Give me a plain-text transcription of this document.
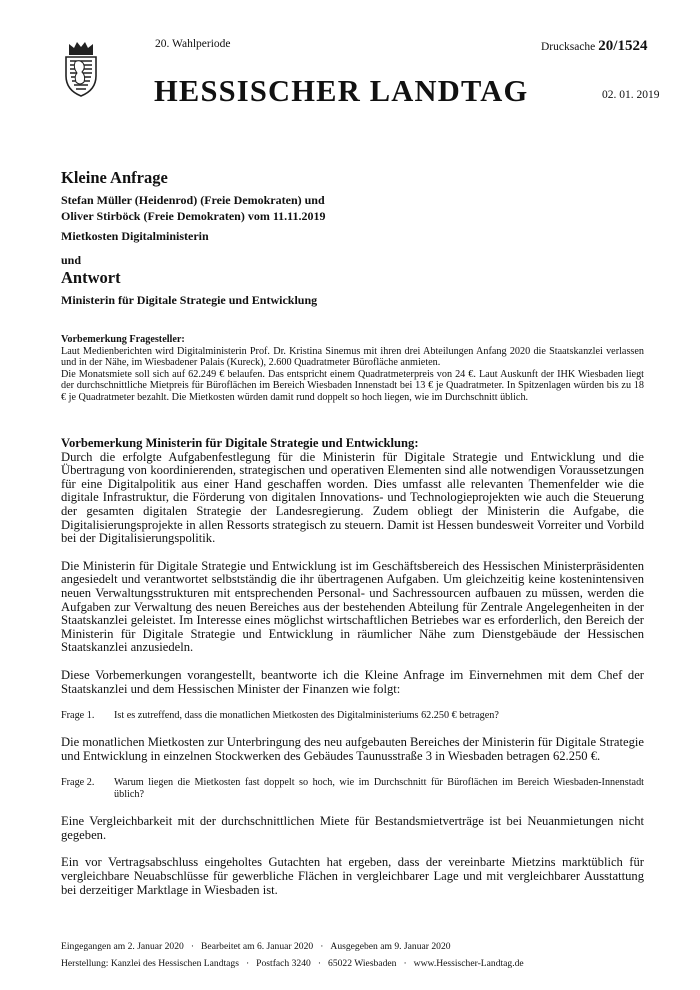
20. Wahlperiode	Drucksache 20/1524
HESSISCHER LANDTAG	02. 01. 2019
Kleine Anfrage
Stefan Müller (Heidenrod) (Freie Demokraten) und
Oliver Stirböck (Freie Demokraten) vom 11.11.2019
Mietkosten Digitalministerin
und
Antwort
Ministerin für Digitale Strategie und Entwicklung
Vorbemerkung Fragesteller:
Laut Medienberichten wird Digitalministerin Prof. Dr. Kristina Sinemus mit ihren drei Abteilungen Anfang 2020 die Staatskanzlei verlassen und in der Nähe, im Wiesbadener Palais (Kureck), 2.600 Quadratmeter Bürofläche anmieten.
Die Monatsmiete soll sich auf 62.249 € belaufen. Das entspricht einem Quadratmeterpreis von 24 €. Laut Auskunft der IHK Wiesbaden liegt der durchschnittliche Mietpreis für Büroflächen im Bereich Wiesbaden Innenstadt bei 13 € je Quadratmeter. In Spitzenlagen würden bis zu 18 € je Quadratmeter bezahlt. Die Mietkosten würden damit rund doppelt so hoch liegen, wie im Durchschnitt üblich.

Vorbemerkung Ministerin für Digitale Strategie und Entwicklung:

Durch die erfolgte Aufgabenfestlegung für die Ministerin für Digitale Strategie und Entwicklung und die Übertragung von koordinierenden, strategischen und operativen Elementen sind alle notwendigen Voraussetzungen für eine Digitalpolitik aus einer Hand geschaffen worden. Dies umfasst alle relevanten Themenfelder wie die digitale Infrastruktur, die Förderung von digitalen Innovations- und Technologieprojekten wie auch die Steuerung der gesamten digitalen Strategie der Landesregierung. Zudem obliegt der Ministerin die Aufgabe, die Digitalisierungsprojekte in allen Ressorts strategisch zu steuern. Damit ist Hessen bundesweit Vorreiter und Vorbild bei der Digitalisierungspolitik.

Die Ministerin für Digitale Strategie und Entwicklung ist im Geschäftsbereich des Hessischen Ministerpräsidenten angesiedelt und verantwortet selbstständig die ihr übertragenen Aufgaben. Um gleichzeitig keine kostenintensiven neuen Verwaltungsstrukturen mit entsprechenden Personal- und Sachressourcen aufbauen zu müssen, werden die Aufgaben zur Verwaltung des neuen Bereiches aus der bestehenden Abteilung für Zentrale Angelegenheiten in der Staatskanzlei geleistet. Im Interesse eines möglichst wirtschaftlichen Betriebes war es erforderlich, den Bereich der Ministerin für Digitale Strategie und Entwicklung in räumlicher Nähe zum Dienstgebäude der Hessischen Staatskanzlei anzusiedeln.

Diese Vorbemerkungen vorangestellt, beantworte ich die Kleine Anfrage im Einvernehmen mit dem Chef der Staatskanzlei und dem Hessischen Minister der Finanzen wie folgt:

Frage 1.	Ist es zutreffend, dass die monatlichen Mietkosten des Digitalministeriums 62.250 € betragen?

Die monatlichen Mietkosten zur Unterbringung des neu aufgebauten Bereiches der Ministerin für Digitale Strategie und Entwicklung in einzelnen Stockwerken des Gebäudes Taunusstraße 3 in Wiesbaden betragen 62.250 €.

Frage 2.	Warum liegen die Mietkosten fast doppelt so hoch, wie im Durchschnitt für Büroflächen im Bereich Wiesbaden-Innenstadt üblich?

Eine Vergleichbarkeit mit der durchschnittlichen Miete für Bestandsmietverträge ist bei Neuanmietungen nicht gegeben.

Ein vor Vertragsabschluss eingeholtes Gutachten hat ergeben, dass der vereinbarte Mietzins marktüblich für vergleichbare Neuabschlüsse für gewerbliche Flächen in vergleichbarer Lage und mit vergleichbarer Ausstattung bei derzeitiger Marktlage in Wiesbaden ist.

Eingegangen am 2. Januar 2020 · Bearbeitet am 6. Januar 2020 · Ausgegeben am 9. Januar 2020
Herstellung: Kanzlei des Hessischen Landtags · Postfach 3240 · 65022 Wiesbaden · www.Hessischer-Landtag.de
